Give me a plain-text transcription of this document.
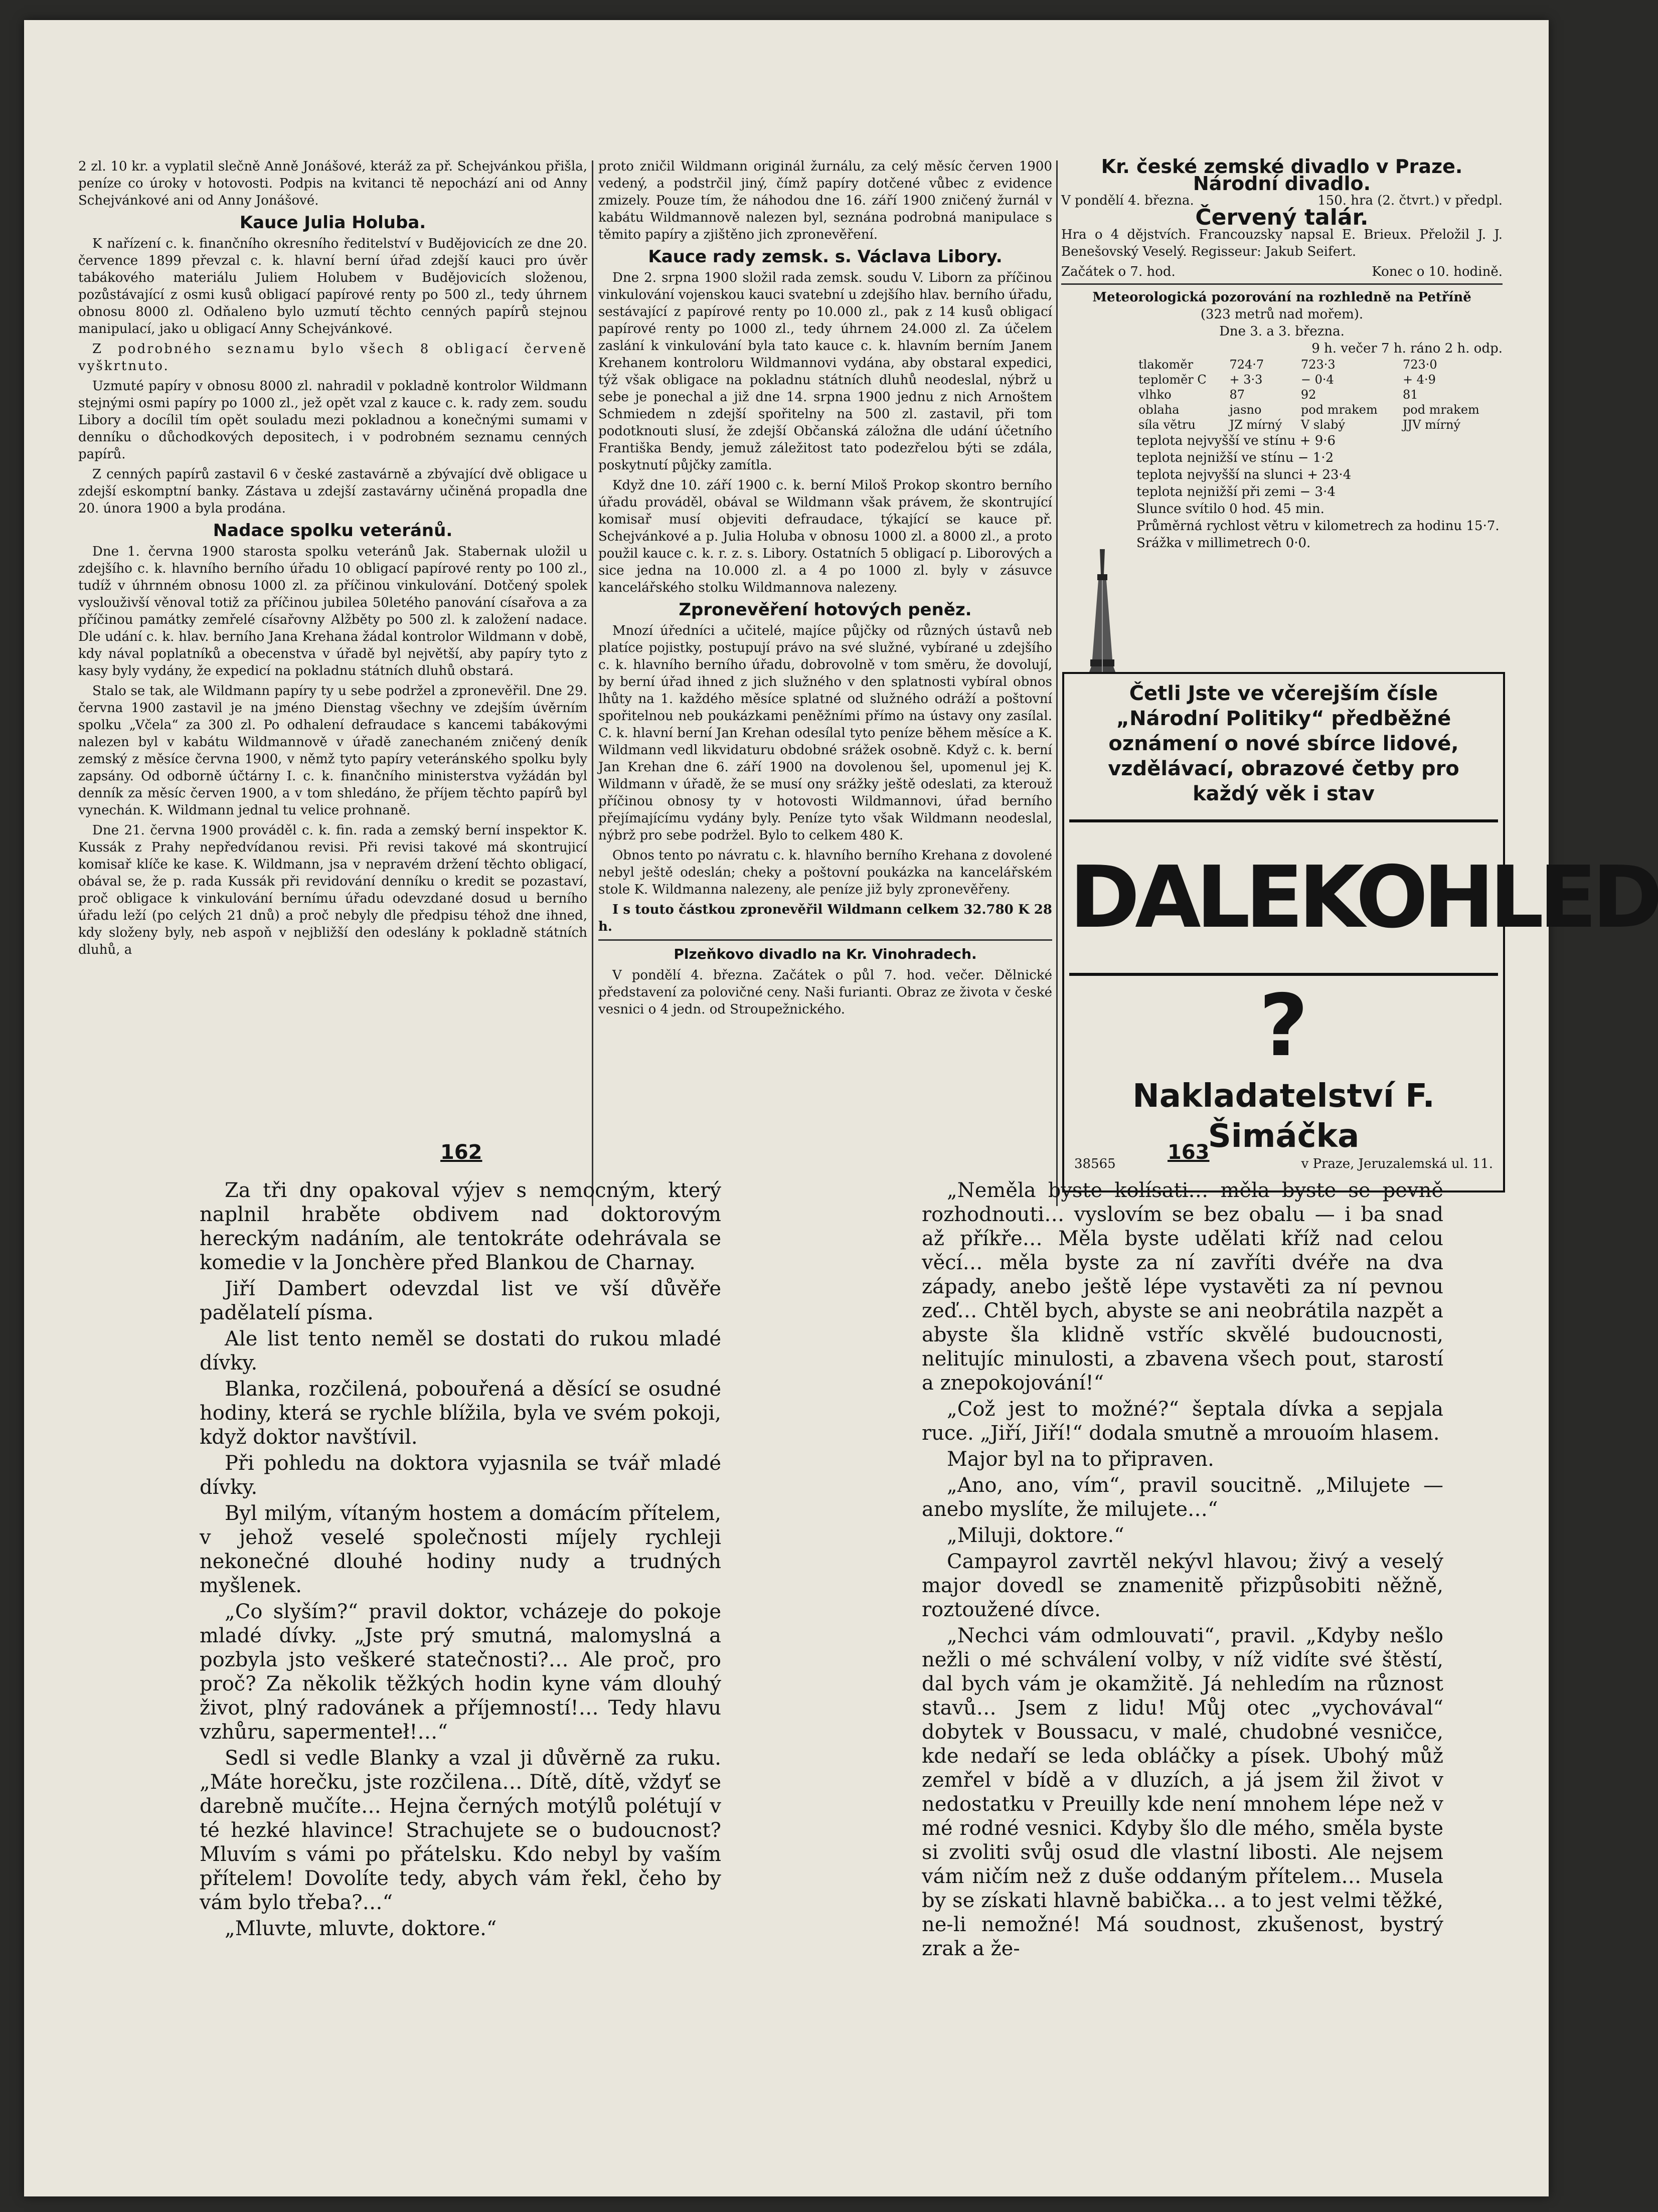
2 zl. 10 kr. a vyplatil slečně Anně Jonášové, kteráž za př. Schejvánkou přišla, peníze co úroky v hotovosti. Podpis na kvitanci tě nepochází ani od Anny Schejvánkové ani od Anny Jonášové.

Kauce Julia Holuba.

K nařízení c. k. finančního okresního ředitelství v Budějovicích ze dne 20. července 1899 převzal c. k. hlavní berní úřad zdejší kauci pro úvěr tabákového materiálu Juliem Holubem v Budějovicích složenou, pozůstávající z osmi kusů obligací papírové renty po 500 zl., tedy úhrnem obnosu 8000 zl. Odňaleno bylo uzmutí těchto cenných papírů stejnou manipulací, jako u obligací Anny Schejvánkové.

Z podrobného seznamu bylo všech 8 obligací červeně vyškrtnuto.

Uzmuté papíry v obnosu 8000 zl. nahradil v pokladně kontrolor Wildmann stejnými osmi papíry po 1000 zl., jež opět vzal z kauce c. k. rady zem. soudu Libory a docílil tím opět souladu mezi pokladnou a konečnými sumami v denníku o důchodkových depositech, i v podrobném seznamu cenných papírů.

Z cenných papírů zastavil 6 v české zastavárně a zbývající dvě obligace u zdejší eskomptní banky. Zástava u zdejší zastavárny učiněná propadla dne 20. února 1900 a byla prodána.

Nadace spolku veteránů.

Dne 1. června 1900 starosta spolku veteránů Jak. Stabernak uložil u zdejšího c. k. hlavního berního úřadu 10 obligací papírové renty po 100 zl., tudíž v úhrnném obnosu 1000 zl. za příčinou vinkulování. Dotčený spolek vyslouživší věnoval totiž za příčinou jubilea 50letého panování císařova a za příčinou památky zemřelé císařovny Alžběty po 500 zl. k založení nadace. Dle udání c. k. hlav. berního Jana Krehana žádal kontrolor Wildmann v době, kdy nával poplatníků a obecenstva v úřadě byl největší, aby papíry tyto z kasy byly vydány, že expedicí na pokladnu státních dluhů obstará.

Stalo se tak, ale Wildmann papíry ty u sebe podržel a zpronevěřil. Dne 29. června 1900 zastavil je na jméno Dienstag všechny ve zdejším úvěrním spolku „Včela“ za 300 zl. Po odhalení defraudace s kancemi tabákovými nalezen byl v kabátu Wildmannově v úřadě zanechaném zničený deník zemský z měsíce června 1900, v němž tyto papíry veteránského spolku byly zapsány. Od odborně účtárny I. c. k. finančního ministerstva vyžádán byl denník za měsíc červen 1900, a v tom shledáno, že příjem těchto papírů byl vynechán. K. Wildmann jednal tu velice prohnaně.

Dne 21. června 1900 prováděl c. k. fin. rada a zemský berní inspektor K. Kussák z Prahy nepředvídanou revisi. Při revisi takové má skontrujicí komisař klíče ke kase. K. Wildmann, jsa v nepravém držení těchto obligací, obával se, že p. rada Kussák při revidování denníku o kredit se pozastaví, proč obligace k vinkulování bernímu úřadu odevzdané dosud u berního úřadu leží (po celých 21 dnů) a proč nebyly dle předpisu téhož dne ihned, kdy složeny byly, neb aspoň v nejbližší den odeslány k pokladně státních dluhů, a

proto zničil Wildmann originál žurnálu, za celý měsíc červen 1900 vedený, a podstrčil jiný, čímž papíry dotčené vůbec z evidence zmizely. Pouze tím, že náhodou dne 16. září 1900 zničený žurnál v kabátu Wildmannově nalezen byl, seznána podrobná manipulace s těmito papíry a zjištěno jich zpronevěření.

Kauce rady zemsk. s. Václava Libory.

Dne 2. srpna 1900 složil rada zemsk. soudu V. Liborn za příčinou vinkulování vojenskou kauci svatební u zdejšího hlav. berního úřadu, sestávající z papírové renty po 10.000 zl., pak z 14 kusů obligací papírové renty po 1000 zl., tedy úhrnem 24.000 zl. Za účelem zaslání k vinkulování byla tato kauce c. k. hlavním berním Janem Krehanem kontroloru Wildmannovi vydána, aby obstaral expedici, týž však obligace na pokladnu státních dluhů neodeslal, nýbrž u sebe je ponechal a již dne 14. srpna 1900 jednu z nich Arnoštem Schmiedem n zdejší spořitelny na 500 zl. zastavil, při tom podotknouti slusí, že zdejší Občanská záložna dle udání účetního Františka Bendy, jemuž záležitost tato podezřelou býti se zdála, poskytnutí půjčky zamítla.

Když dne 10. září 1900 c. k. berní Miloš Prokop skontro berního úřadu prováděl, obával se Wildmann však právem, že skontrující komisař musí objeviti defraudace, týkající se kauce př. Schejvánkové a p. Julia Holuba v obnosu 1000 zl. a 8000 zl., a proto použil kauce c. k. r. z. s. Libory. Ostatních 5 obligací p. Liborových a sice jedna na 10.000 zl. a 4 po 1000 zl. byly v zásuvce kancelářského stolku Wildmannova nalezeny.

Zpronevěření hotových peněz.

Mnozí úředníci a učitelé, majíce půjčky od různých ústavů neb platíce pojistky, postupují právo na své služné, vybírané u zdejšího c. k. hlavního berního úřadu, dobrovolně v tom směru, že dovolují, by berní úřad ihned z jich služného v den splatnosti vybíral obnos lhůty na 1. každého měsíce splatné od služného odráží a poštovní spořitelnou neb poukázkami peněžními přímo na ústavy ony zasílal. C. k. hlavní berní Jan Krehan odesílal tyto peníze během měsíce a K. Wildmann vedl likvidaturu obdobné srážek osobně. Když c. k. berní Jan Krehan dne 6. září 1900 na dovolenou šel, upomenul jej K. Wildmann v úřadě, že se musí ony srážky ještě odeslati, za kterouž příčinou obnosy ty v hotovosti Wildmannovi, úřad berního přejímajícímu vydány byly. Peníze tyto však Wildmann neodeslal, nýbrž pro sebe podržel. Bylo to celkem 480 K.

Obnos tento po návratu c. k. hlavního berního Krehana z dovolené nebyl ještě odeslán; cheky a poštovní poukázka na kancelářském stole K. Wildmanna nalezeny, ale peníze již byly zpronevěřeny.

I s touto částkou zpronevěřil Wildmann celkem 32.780 K 28 h.

Plzeňkovo divadlo na Kr. Vinohradech.

V pondělí 4. března. Začátek o půl 7. hod. večer. Dělnické představení za polovičné ceny. Naši furianti. Obraz ze života v české vesnici o 4 jedn. od Stroupežnického.

Kr. české zemské divadlo v Praze.
Národní divadlo.
V pondělí 4. března.	150. hra (2. čtvrt.) v předpl.
Červený talár.

Hra o 4 dějstvích. Francouzsky napsal E. Brieux. Přeložil J. J. Benešovský Veselý. Regisseur: Jakub Seifert.

Začátek o 7. hod.	Konec o 10. hodině.
Meteorologická pozorování na rozhledně na Petříně
(323 metrů nad mořem).
Dne 3. a 3. března.
9 h. večer 7 h. ráno 2 h. odp.
tlakoměr	724·7	723·3	723·0
teploměr C	+ 3·3	− 0·4	+ 4·9
vlhko	87	92	81
oblaha	jasno	pod mrakem	pod mrakem
síla větru	JZ mírný	V slabý	JJV mírný
teplota nejvyšší ve stínu + 9·6
teplota nejnižší ve stínu − 1·2
teplota nejvyšší na slunci + 23·4
teplota nejnižší při zemi − 3·4
Slunce svítilo 0 hod. 45 min.
Průměrná rychlost větru v kilometrech za hodinu 15·7.
Srážka v millimetrech 0·0.
Četli Jste ve včerejším čísle „Národní Politiky“ předběžné oznámení o nové sbírce lidové, vzdělávací, obrazové četby pro každý věk i stav
DALEKOHLED
?
Nakladatelství F. Šimáčka
38565	v Praze, Jeruzalemská ul. 11.
162	163

Za tři dny opakoval výjev s nemocným, který naplnil hraběte obdivem nad doktorovým hereckým nadáním, ale tentokráte odehrávala se komedie v la Jonchère před Blankou de Charnay.

Jiří Dambert odevzdal list ve vší důvěře padělatelí písma.

Ale list tento neměl se dostati do rukou mladé dívky.

Blanka, rozčilená, pobouřená a děsící se osudné hodiny, která se rychle blížila, byla ve svém pokoji, když doktor navštívil.

Při pohledu na doktora vyjasnila se tvář mladé dívky.

Byl milým, vítaným hostem a domácím přítelem, v jehož veselé společnosti míjely rychleji nekonečné dlouhé hodiny nudy a trudných myšlenek.

„Co slyším?“ pravil doktor, vcházeje do pokoje mladé dívky. „Jste prý smutná, malomyslná a pozbyla jsto veškeré statečnosti?… Ale proč, pro proč? Za několik těžkých hodin kyne vám dlouhý život, plný radovánek a příjemností!… Tedy hlavu vzhůru, sapermenteł!…“

Sedl si vedle Blanky a vzal ji důvěrně za ruku. „Máte horečku, jste rozčilena… Dítě, dítě, vždyť se darebně mučíte… Hejna černých motýlů polétují v té hezké hlavince! Strachujete se o budoucnost? Mluvím s vámi po přátelsku. Kdo nebyl by vaším přítelem! Dovolíte tedy, abych vám řekl, čeho by vám bylo třeba?…“

„Mluvte, mluvte, doktore.“

„Neměla byste kolísati… měla byste se pevně rozhodnouti… vyslovím se bez obalu — i ba snad až příkře… Měla byste udělati kříž nad celou věcí… měla byste za ní zavříti dvéře na dva západy, anebo ještě lépe vystavěti za ní pevnou zeď… Chtěl bych, abyste se ani neobrátila nazpět a abyste šla klidně vstříc skvělé budoucnosti, nelitujíc minulosti, a zbavena všech pout, starostí a znepokojování!“

„Což jest to možné?“ šeptala dívka a sepjala ruce. „Jiří, Jiří!“ dodala smutně a mrouoím hlasem.

Major byl na to připraven.

„Ano, ano, vím“, pravil soucitně. „Milujete — anebo myslíte, že milujete…“

„Miluji, doktore.“

Campayrol zavrtěl nekývl hlavou; živý a veselý major dovedl se znamenitě přizpůsobiti něžně, roztoužené dívce.

„Nechci vám odmlouvati“, pravil. „Kdyby nešlo nežli o mé schválení volby, v níž vidíte své štěstí, dal bych vám je okamžitě. Já nehledím na různost stavů… Jsem z lidu! Můj otec „vychovával“ dobytek v Boussacu, v malé, chudobné vesničce, kde nedaří se leda obláčky a písek. Ubohý můž zemřel v bídě a v dluzích, a já jsem žil život v nedostatku v Preuilly kde není mnohem lépe než v mé rodné vesnici. Kdyby šlo dle mého, směla byste si zvoliti svůj osud dle vlastní libosti. Ale nejsem vám ničím než z duše oddaným přítelem… Musela by se získati hlavně babička… a to jest velmi těžké, ne-li nemožné! Má soudnost, zkušenost, bystrý zrak a že-
